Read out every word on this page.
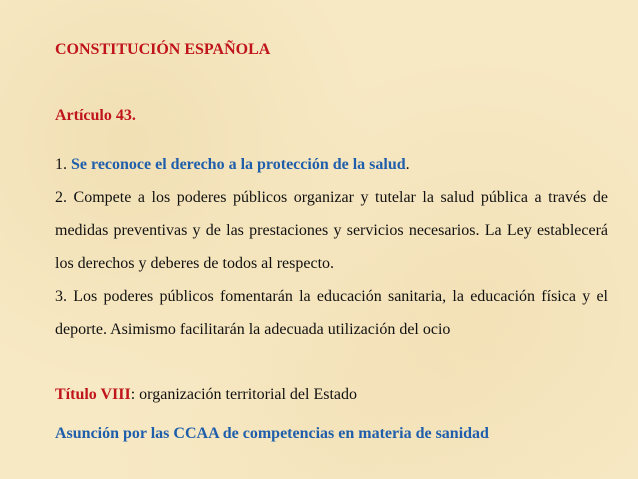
CONSTITUCIÓN ESPAÑOLA
Artículo 43.

1. Se reconoce el derecho a la protección de la salud.

2. Compete a los poderes públicos organizar y tutelar la salud pública a través de medidas preventivas y de las prestaciones y servicios necesarios. La Ley establecerá los derechos y deberes de todos al respecto.

3. Los poderes públicos fomentarán la educación sanitaria, la educación física y el deporte. Asimismo facilitarán la adecuada utilización del ocio

Título VIII: organización territorial del Estado
Asunción por las CCAA de competencias en materia de sanidad
